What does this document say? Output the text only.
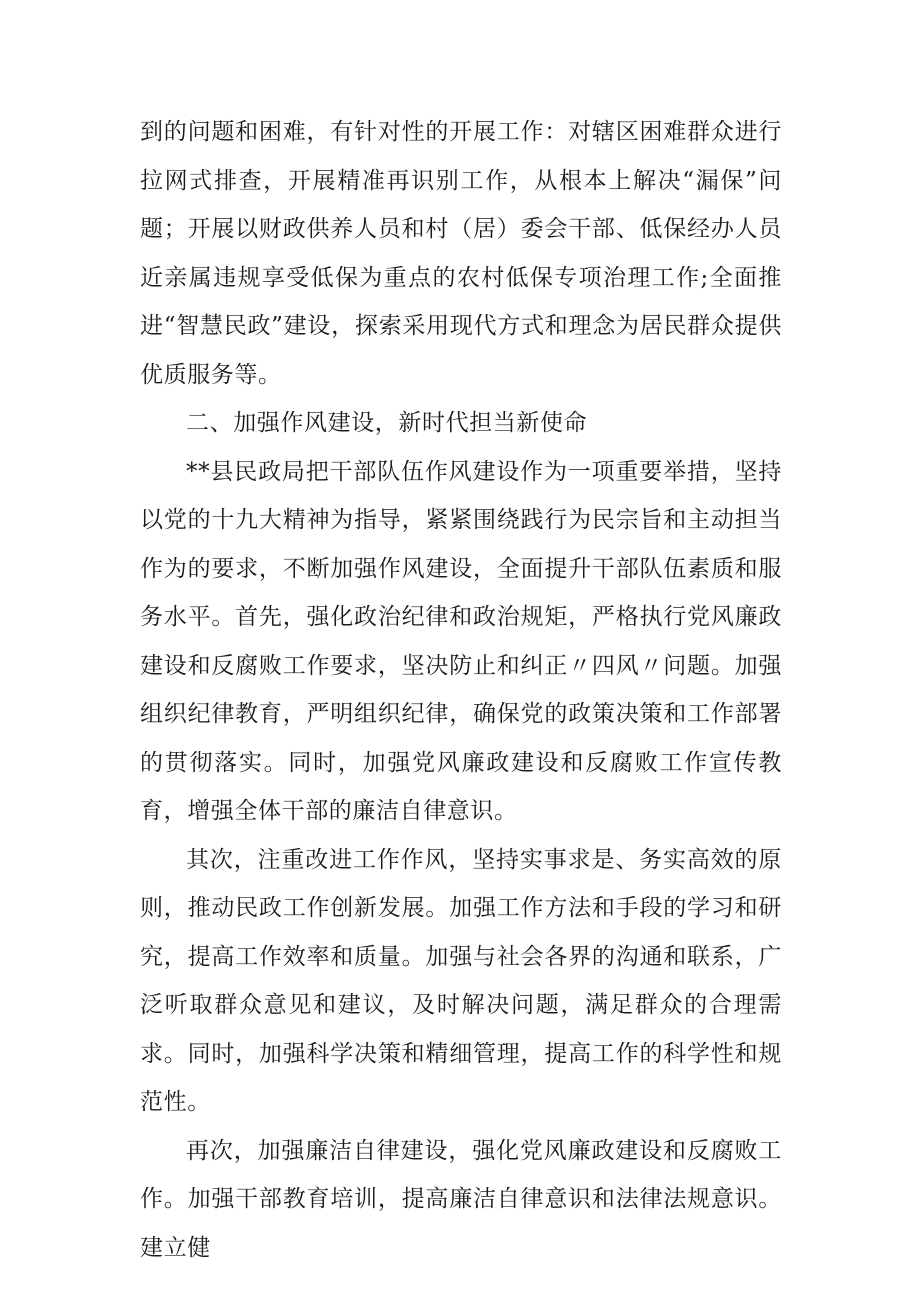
到的问题和困难，有针对性的开展工作：对辖区困难群众进行拉网式排查，开展精准再识别工作，从根本上解决“漏保”问题；开展以财政供养人员和村（居）委会干部、低保经办人员近亲属违规享受低保为重点的农村低保专项治理工作;全面推进“智慧民政”建设，探索采用现代方式和理念为居民群众提供优质服务等。

二、加强作风建设，新时代担当新使命

**县民政局把干部队伍作风建设作为一项重要举措，坚持以党的十九大精神为指导，紧紧围绕践行为民宗旨和主动担当作为的要求，不断加强作风建设，全面提升干部队伍素质和服务水平。首先，强化政治纪律和政治规矩，严格执行党风廉政建设和反腐败工作要求，坚决防止和纠正〃四风〃问题。加强组织纪律教育，严明组织纪律，确保党的政策决策和工作部署的贯彻落实。同时，加强党风廉政建设和反腐败工作宣传教育，增强全体干部的廉洁自律意识。

其次，注重改进工作作风，坚持实事求是、务实高效的原则，推动民政工作创新发展。加强工作方法和手段的学习和研究，提高工作效率和质量。加强与社会各界的沟通和联系，广泛听取群众意见和建议，及时解决问题，满足群众的合理需求。同时，加强科学决策和精细管理，提高工作的科学性和规范性。

再次，加强廉洁自律建设，强化党风廉政建设和反腐败工作。加强干部教育培训，提高廉洁自律意识和法律法规意识。建立健
